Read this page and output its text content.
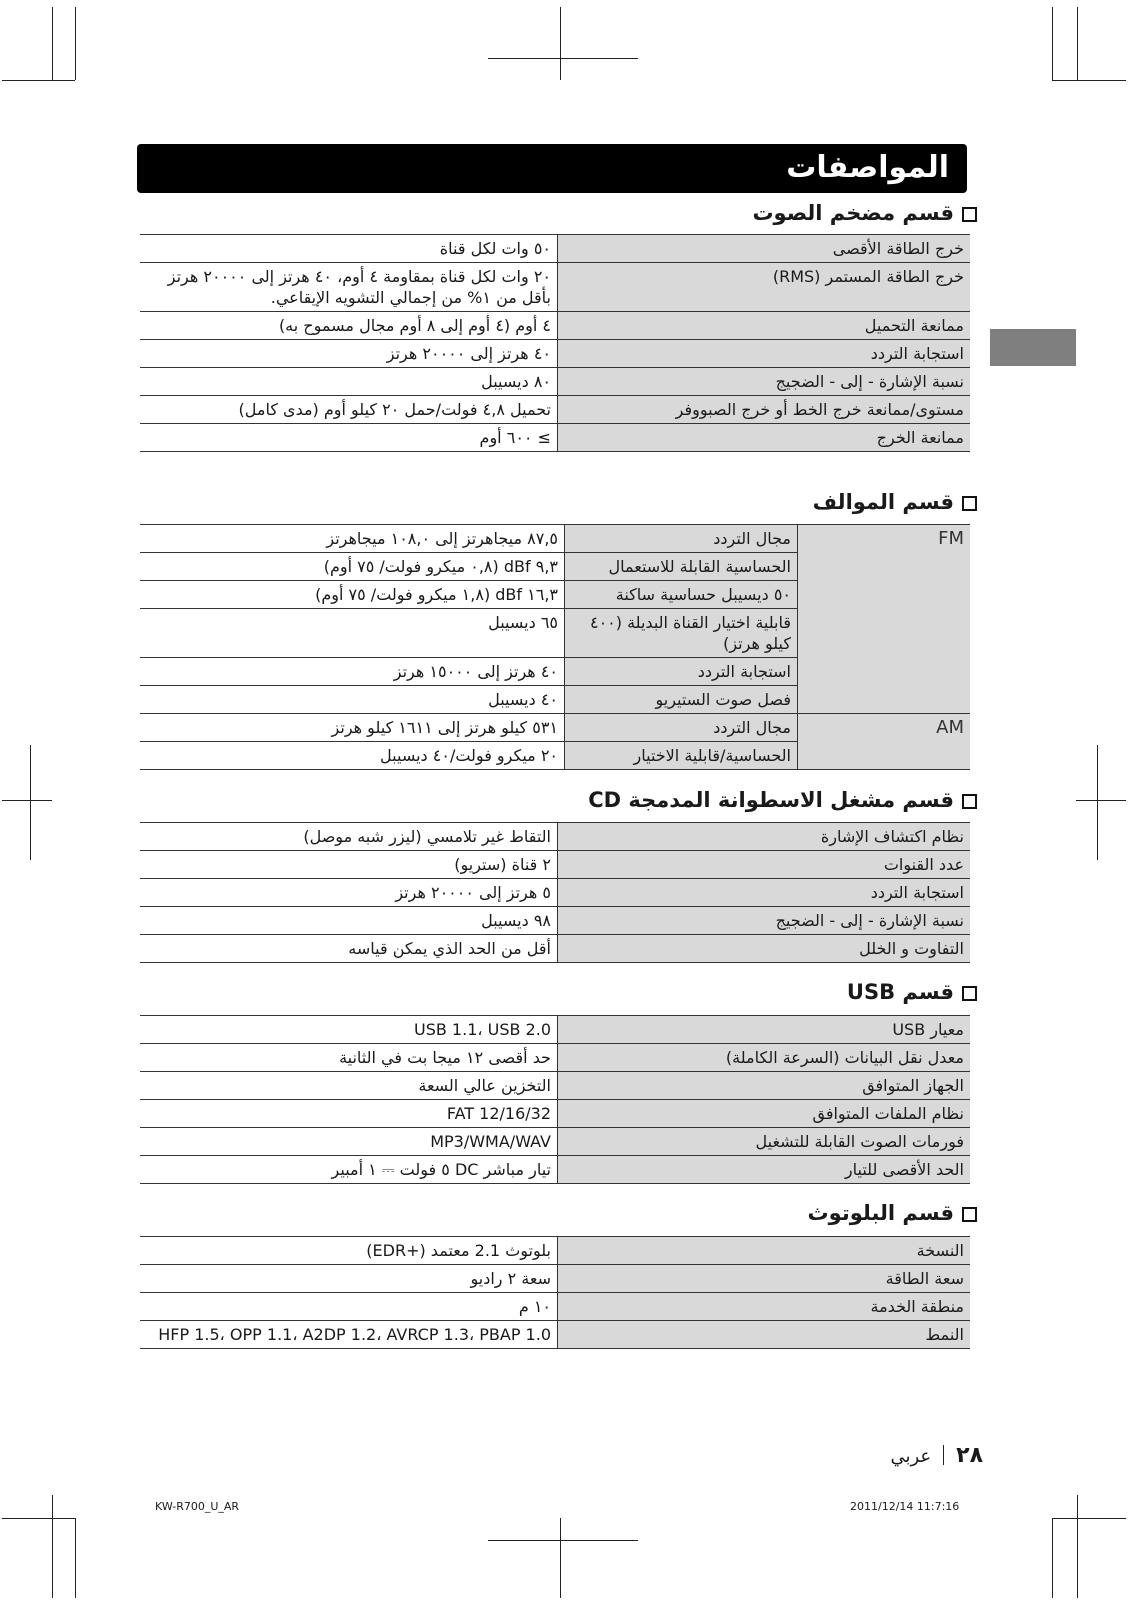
المواصفات
قسم مضخم الصوت
خرج الطاقة الأقصى	٥٠ وات لكل قناة
خرج الطاقة المستمر (RMS)	٢٠ وات لكل قناة بمقاومة ٤ أوم، ٤٠ هرتز إلى ٢٠٠٠٠ هرتز بأقل من ١% من إجمالي التشويه الإيقاعي.
ممانعة التحميل	٤ أوم (٤ أوم إلى ٨ أوم مجال مسموح به)
استجابة التردد	٤٠ هرتز إلى ٢٠٠٠٠ هرتز
نسبة الإشارة - إلى - الضجيج	٨٠ ديسيبل
مستوى/ممانعة خرج الخط أو خرج الصبووفر	تحميل ٤,٨ فولت/حمل ٢٠ كيلو أوم (مدى كامل)
ممانعة الخرج	≥ ٦٠٠ أوم
قسم الموالف
FM	مجال التردد	٨٧,٥ ميجاهرتز إلى ١٠٨,٠ ميجاهرتز
	الحساسية القابلة للاستعمال	٩,٣ dBf (٠,٨ ميكرو فولت/ ٧٥ أوم)
	٥٠ ديسيبل حساسية ساكنة	١٦,٣ dBf (١,٨ ميكرو فولت/ ٧٥ أوم)
	قابلية اختيار القناة البديلة (٤٠٠ كيلو هرتز)	٦٥ ديسيبل
	استجابة التردد	٤٠ هرتز إلى ١٥٠٠٠ هرتز
	فصل صوت الستيريو	٤٠ ديسيبل
AM	مجال التردد	٥٣١ كيلو هرتز إلى ١٦١١ كيلو هرتز
	الحساسية/قابلية الاختيار	٢٠ ميكرو فولت/٤٠ ديسيبل
قسم مشغل الاسطوانة المدمجة CD
نظام اكتشاف الإشارة	التقاط غير تلامسي (ليزر شبه موصل)
عدد القنوات	٢ قناة (ستريو)
استجابة التردد	٥ هرتز إلى ٢٠٠٠٠ هرتز
نسبة الإشارة - إلى - الضجيج	٩٨ ديسيبل
التفاوت و الخلل	أقل من الحد الذي يمكن قياسه
قسم USB
معيار USB	USB 1.1، USB 2.0
معدل نقل البيانات (السرعة الكاملة)	حد أقصى ١٢ ميجا بت في الثانية
الجهاز المتوافق	التخزين عالي السعة
نظام الملفات المتوافق	FAT 12/16/32
فورمات الصوت القابلة للتشغيل	MP3/WMA/WAV
الحد الأقصى للتيار	تيار مباشر DC ٥ فولت ⎓ ١ أمبير
قسم البلوتوث
النسخة	بلوتوث 2.1 معتمد (+EDR)
سعة الطاقة	سعة ٢ راديو
منطقة الخدمة	١٠ م
النمط	HFP 1.5، OPP 1.1، A2DP 1.2، AVRCP 1.3، PBAP 1.0
٢٨عربي
KW-R700_U_AR	2011/12/14 11:7:16
